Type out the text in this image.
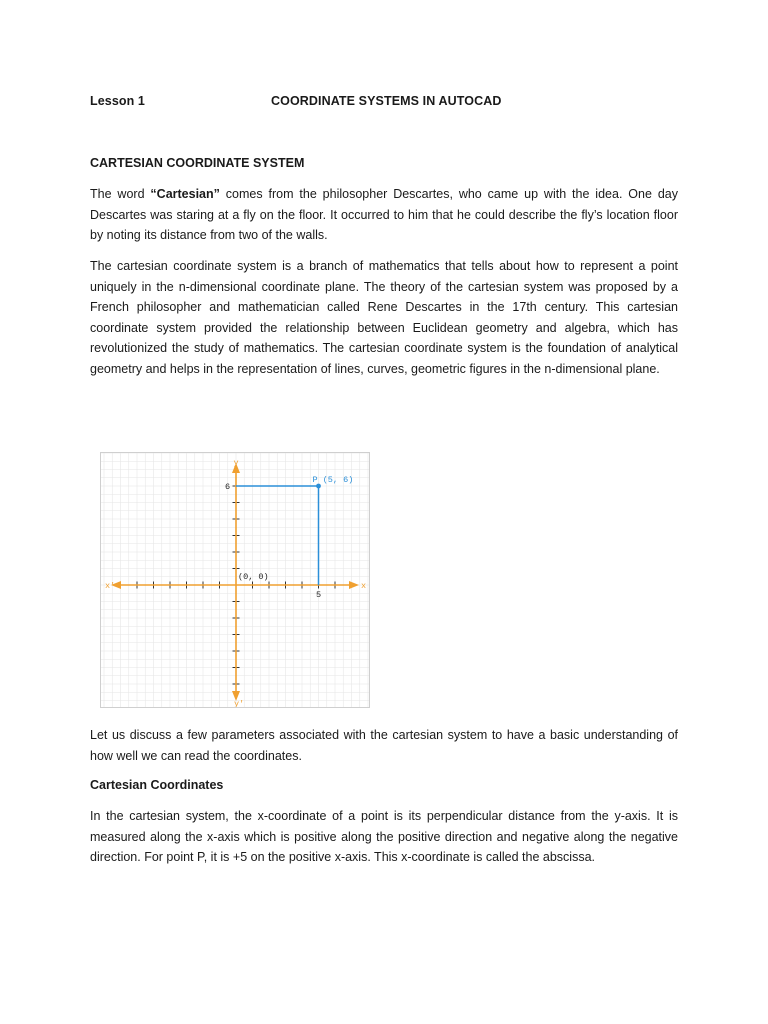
Lesson 1	COORDINATE SYSTEMS IN AUTOCAD
CARTESIAN COORDINATE SYSTEM

The word “Cartesian” comes from the philosopher Descartes, who came up with the idea. One day Descartes was staring at a fly on the floor. It occurred to him that he could describe the fly’s location floor by noting its distance from two of the walls.

The cartesian coordinate system is a branch of mathematics that tells about how to represent a point uniquely in the n-dimensional coordinate plane. The theory of the cartesian system was proposed by a French philosopher and mathematician called Rene Descartes in the 17th century. This cartesian coordinate system provided the relationship between Euclidean geometry and algebra, which has revolutionized the study of mathematics. The cartesian coordinate system is the foundation of analytical geometry and helps in the representation of lines, curves, geometric figures in the n-dimensional plane.

y
y'
x
x'
(0, 0)
P (5, 6)
5
6

Let us discuss a few parameters associated with the cartesian system to have a basic understanding of how well we can read the coordinates.

Cartesian Coordinates

In the cartesian system, the x-coordinate of a point is its perpendicular distance from the y-axis. It is measured along the x-axis which is positive along the positive direction and negative along the negative direction. For point P, it is +5 on the positive x-axis. This x-coordinate is called the abscissa.
